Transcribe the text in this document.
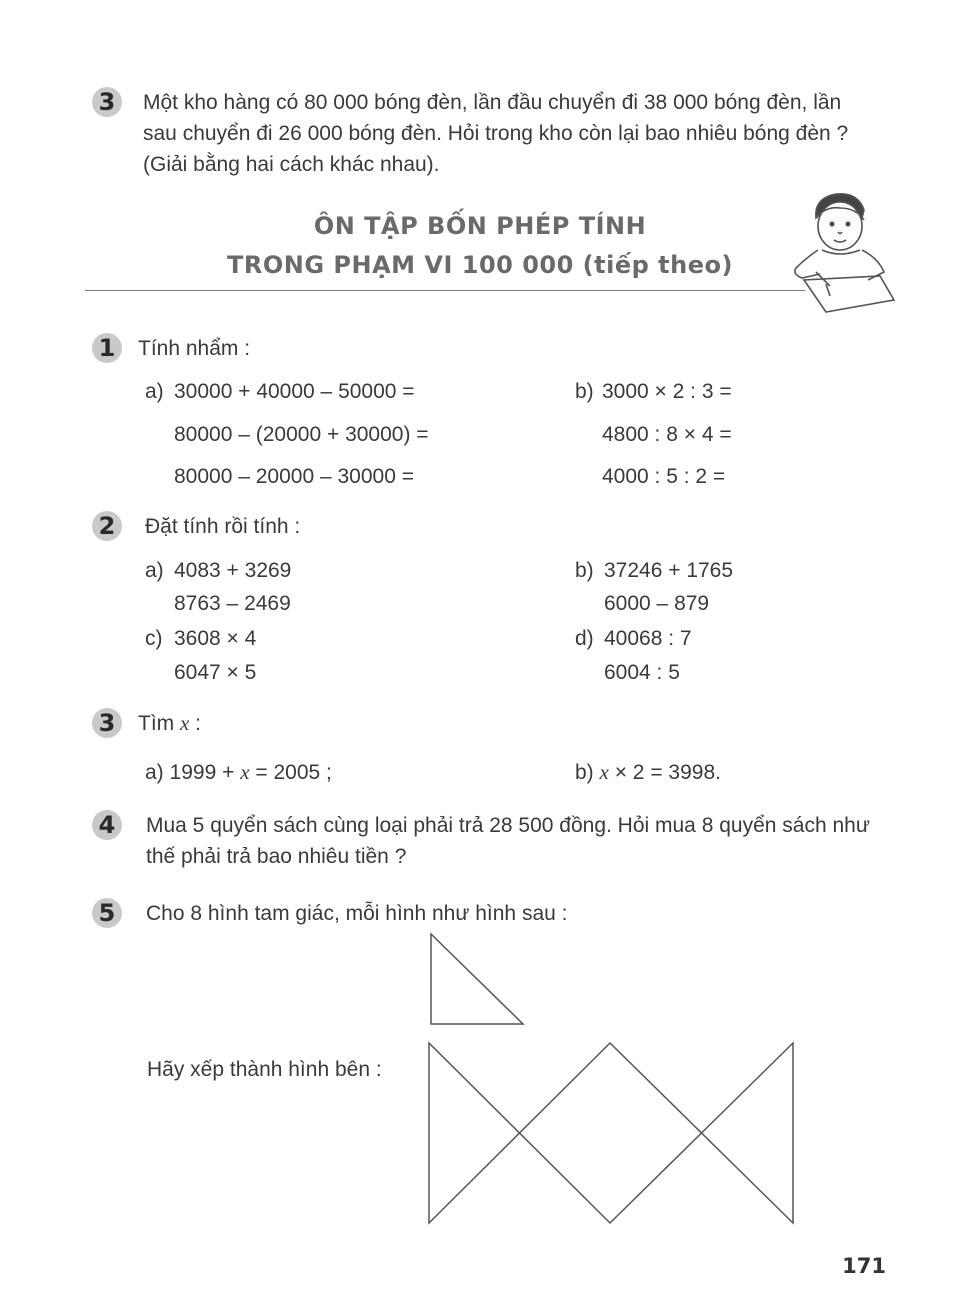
3	Một kho hàng có 80 000 bóng đèn, lần đầu chuyển đi 38 000 bóng đèn, lần
sau chuyển đi 26 000 bóng đèn. Hỏi trong kho còn lại bao nhiêu bóng đèn ?
(Giải bằng hai cách khác nhau).
ÔN TẬP BỐN PHÉP TÍNH
TRONG PHẠM VI 100 000 (tiếp theo)
1	Tính nhẩm :
a) 30000 + 40000 – 50000 =
80000 – (20000 + 30000) =
80000 – 20000 – 30000 =
b) 3000 × 2 : 3 =
4800 : 8 × 4 =
4000 : 5 : 2 =
2	Đặt tính rồi tính :
a) 4083 + 3269
8763 – 2469
b) 37246 + 1765
6000 – 879
c) 3608 × 4
6047 × 5
d) 40068 : 7
6004 : 5
3	Tìm x :
a) 1999 + x = 2005 ;	b) x × 2 = 3998.
4	Mua 5 quyển sách cùng loại phải trả 28 500 đồng. Hỏi mua 8 quyển sách như
thế phải trả bao nhiêu tiền ?
5	Cho 8 hình tam giác, mỗi hình như hình sau :
Hãy xếp thành hình bên :
171
